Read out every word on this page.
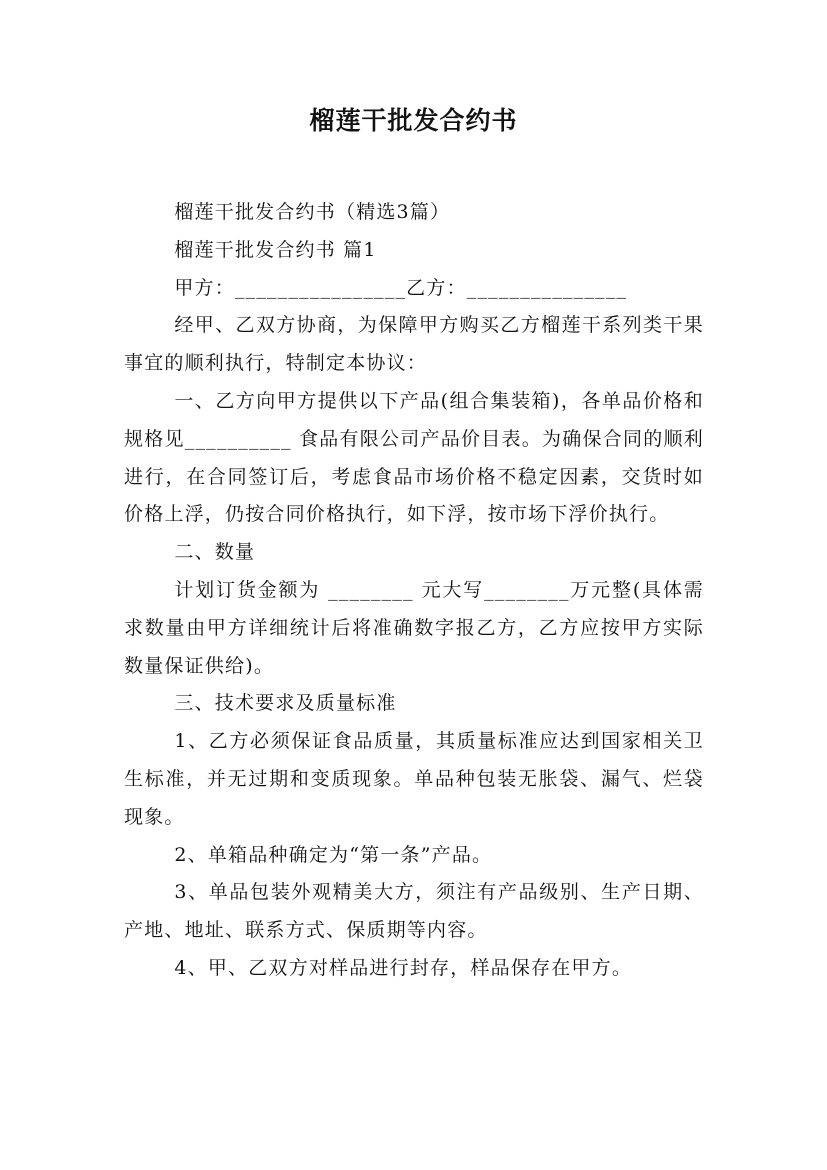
榴莲干批发合约书

榴莲干批发合约书（精选3篇）

榴莲干批发合约书 篇1

甲方：________________乙方：_______________

经甲、乙双方协商，为保障甲方购买乙方榴莲干系列类干果事宜的顺利执行，特制定本协议：

一、乙方向甲方提供以下产品(组合集装箱)，各单品价格和规格见__________ 食品有限公司产品价目表。为确保合同的顺利进行，在合同签订后，考虑食品市场价格不稳定因素，交货时如价格上浮，仍按合同价格执行，如下浮，按市场下浮价执行。

二、数量

计划订货金额为 ________ 元大写________万元整(具体需求数量由甲方详细统计后将准确数字报乙方，乙方应按甲方实际数量保证供给)。

三、技术要求及质量标准

1、乙方必须保证食品质量，其质量标准应达到国家相关卫生标准，并无过期和变质现象。单品种包装无胀袋、漏气、烂袋现象。

2、单箱品种确定为“第一条”产品。

3、单品包装外观精美大方，须注有产品级别、生产日期、产地、地址、联系方式、保质期等内容。

4、甲、乙双方对样品进行封存，样品保存在甲方。
